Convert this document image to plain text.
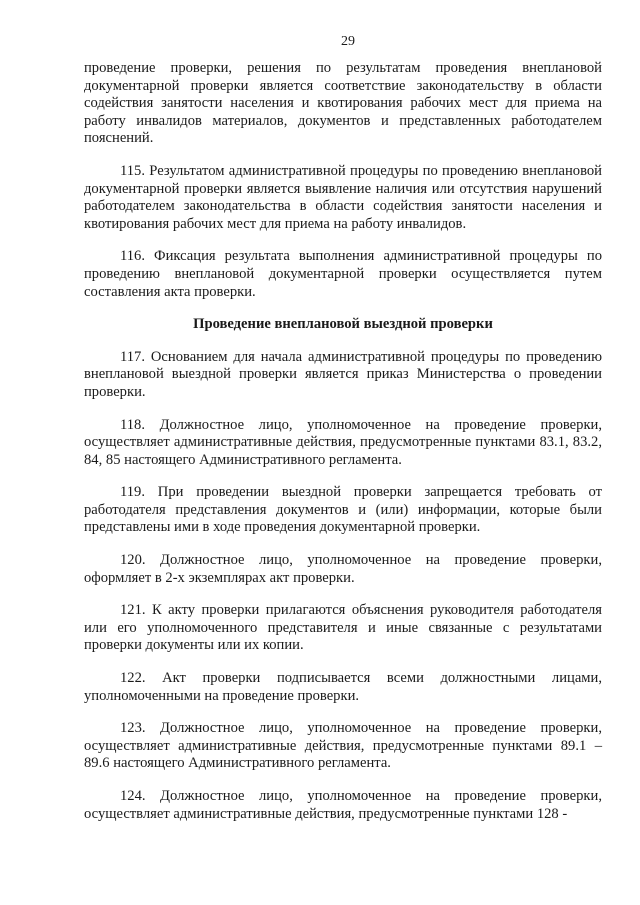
29

проведение проверки, решения по результатам проведения внеплановой документарной проверки является соответствие законодательству в области содействия занятости населения и квотирования рабочих мест для приема на работу инвалидов материалов, документов и представленных работодателем пояснений.

115. Результатом административной процедуры по проведению внеплановой документарной проверки является выявление наличия или отсутствия нарушений работодателем законодательства в области содействия занятости населения и квотирования рабочих мест для приема на работу инвалидов.

116. Фиксация результата выполнения административной процедуры по проведению внеплановой документарной проверки осуществляется путем составления акта проверки.

Проведение внеплановой выездной проверки

117. Основанием для начала административной процедуры по проведению внеплановой выездной проверки является приказ Министерства о проведении проверки.

118. Должностное лицо, уполномоченное на проведение проверки, осуществляет административные действия, предусмотренные пунктами 83.1, 83.2, 84, 85 настоящего Административного регламента.

119. При проведении выездной проверки запрещается требовать от работодателя представления документов и (или) информации, которые были представлены ими в ходе проведения документарной проверки.

120. Должностное лицо, уполномоченное на проведение проверки, оформляет в 2-х экземплярах акт проверки.

121. К акту проверки прилагаются объяснения руководителя работодателя или его уполномоченного представителя и иные связанные с результатами проверки документы или их копии.

122. Акт проверки подписывается всеми должностными лицами, уполномоченными на проведение проверки.

123. Должностное лицо, уполномоченное на проведение проверки, осуществляет административные действия, предусмотренные пунктами 89.1 – 89.6 настоящего Административного регламента.

124. Должностное лицо, уполномоченное на проведение проверки, осуществляет административные действия, предусмотренные пунктами 128 -
